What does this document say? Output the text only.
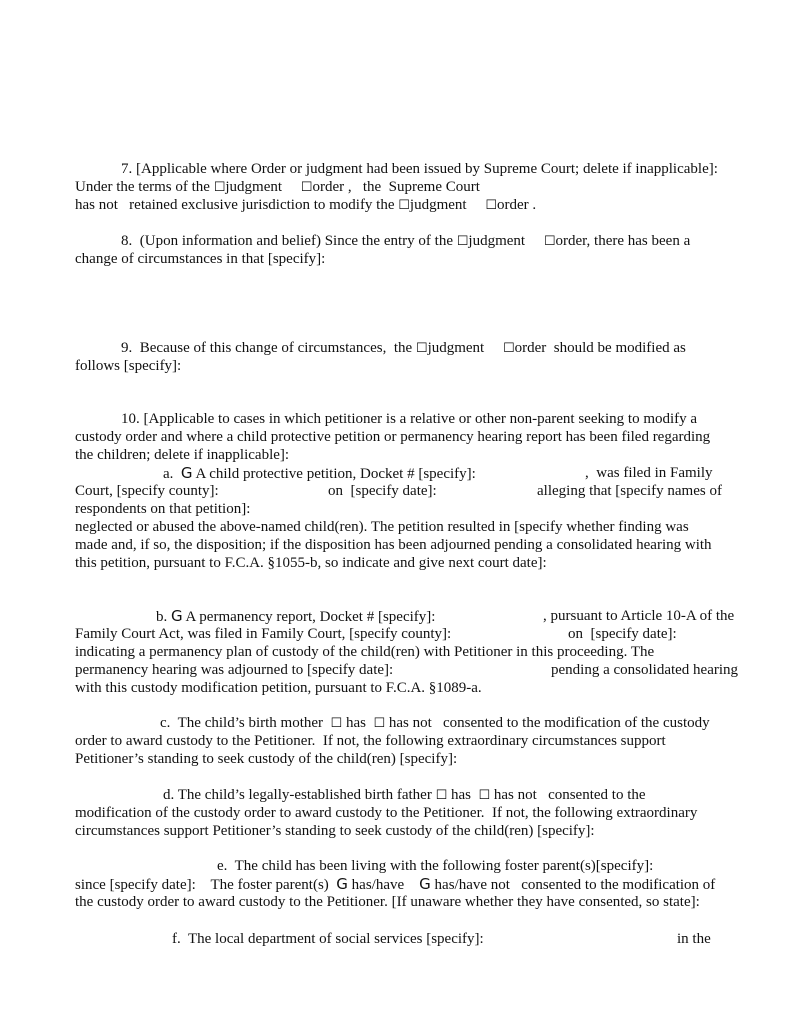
7. [Applicable where Order or judgment had been issued by Supreme Court; delete if inapplicable]:
Under the terms of the ☐judgment ☐order ,   the  Supreme Court
has not   retained exclusive jurisdiction to modify the ☐judgment ☐order .
8.  (Upon information and belief) Since the entry of the ☐judgment ☐order, there has been a
change of circumstances in that [specify]:
9.  Because of this change of circumstances,  the ☐judgment ☐order  should be modified as
follows [specify]:
10. [Applicable to cases in which petitioner is a relative or other non-parent seeking to modify a
custody order and where a child protective petition or permanency hearing report has been filed regarding
the children; delete if inapplicable]:
a.  G A child protective petition, Docket # [specify]:	,  was filed in Family
Court, [specify county]:	on  [specify date]:	alleging that [specify names of
respondents on that petition]:
neglected or abused the above-named child(ren). The petition resulted in [specify whether finding was
made and, if so, the disposition; if the disposition has been adjourned pending a consolidated hearing with
this petition, pursuant to F.C.A. §1055-b, so indicate and give next court date]:
b. G A permanency report, Docket # [specify]:	, pursuant to Article 10-A of the
Family Court Act, was filed in Family Court, [specify county]:	on  [specify date]:
indicating a permanency plan of custody of the child(ren) with Petitioner in this proceeding. The
permanency hearing was adjourned to [specify date]:	pending a consolidated hearing
with this custody modification petition, pursuant to F.C.A. §1089-a.
c.  The child’s birth mother  ☐ has ☐ has not   consented to the modification of the custody
order to award custody to the Petitioner.  If not, the following extraordinary circumstances support
Petitioner’s standing to seek custody of the child(ren) [specify]:
d. The child’s legally-established birth father ☐ has ☐ has not   consented to the
modification of the custody order to award custody to the Petitioner.  If not, the following extraordinary
circumstances support Petitioner’s standing to seek custody of the child(ren) [specify]:
e.  The child has been living with the following foster parent(s)[specify]:
since [specify date]:    The foster parent(s)  G has/have G has/have not   consented to the modification of
the custody order to award custody to the Petitioner. [If unaware whether they have consented, so state]:
f.  The local department of social services [specify]:	in the
